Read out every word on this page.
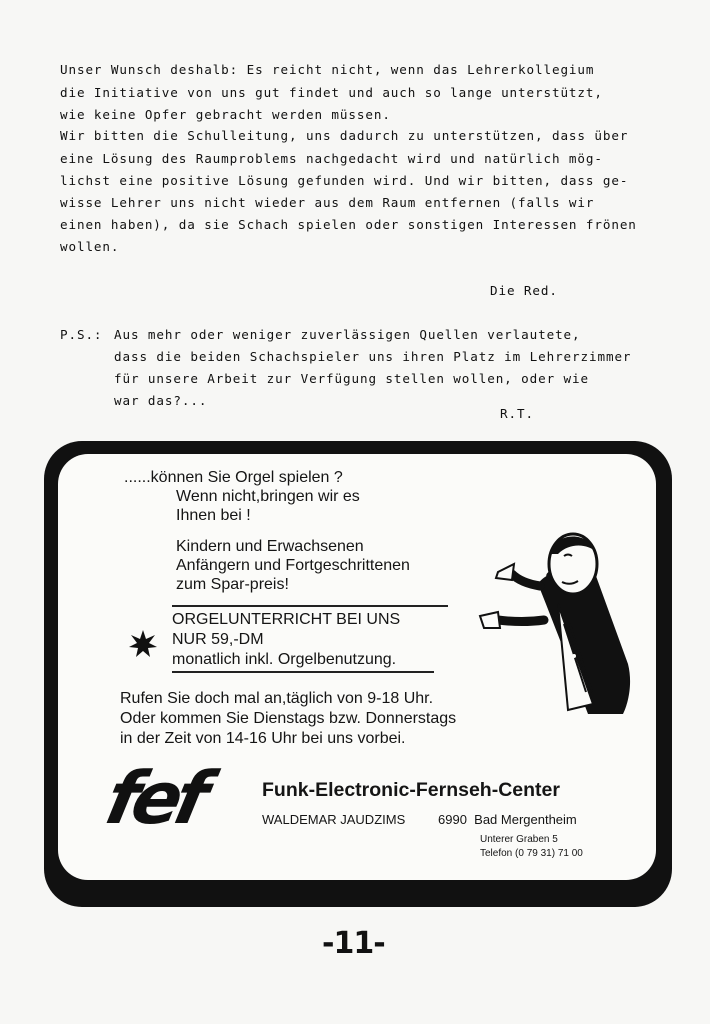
Unser Wunsch deshalb: Es reicht nicht, wenn das Lehrerkollegium
die Initiative von uns gut findet und auch so lange unterstützt,
wie keine Opfer gebracht werden müssen.
Wir bitten die Schulleitung, uns dadurch zu unterstützen, dass über
eine Lösung des Raumproblems nachgedacht wird und natürlich mög-
lichst eine positive Lösung gefunden wird. Und wir bitten, dass ge-
wisse Lehrer uns nicht wieder aus dem Raum entfernen (falls wir
einen haben), da sie Schach spielen oder sonstigen Interessen frönen
wollen.
Die Red.
P.S.: Aus mehr oder weniger zuverlässigen Quellen verlautete,
dass die beiden Schachspieler uns ihren Platz im Lehrerzimmer
für unsere Arbeit zur Verfügung stellen wollen, oder wie
war das?...
R.T.
......können Sie Orgel spielen ?
Wenn nicht,bringen wir es
Ihnen bei !
Kindern und Erwachsenen
Anfängern und Fortgeschrittenen
zum Spar-preis!
ORGELUNTERRICHT BEI UNS
NUR 59,-DM
monatlich inkl. Orgelbenutzung.
Rufen Sie doch mal an,täglich von 9-18 Uhr.
Oder kommen Sie Dienstags bzw. Donnerstags
in der Zeit von 14-16 Uhr bei uns vorbei.
fef	Funk-Electronic-Fernseh-Center
WALDEMAR JAUDZIMS	6990  Bad Mergentheim
Unterer Graben 5
Telefon (0 79 31) 71 00
-11-
